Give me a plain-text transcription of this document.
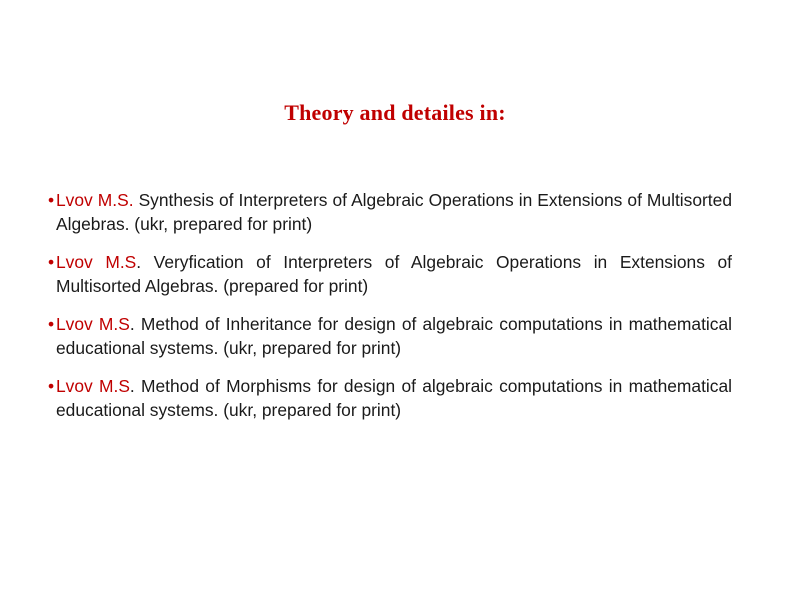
Theory and detailes in:
• Lvov M.S. Synthesis of Interpreters of Algebraic Operations in Extensions of Multisorted Algebras. (ukr, prepared for print)
• Lvov M.S. Veryfication of Interpreters of Algebraic Operations in Extensions of Multisorted Algebras. (prepared for print)
• Lvov M.S. Method of Inheritance for design of algebraic computations in mathematical educational systems. (ukr, prepared for print)
• Lvov M.S. Method of Morphisms for design of algebraic computations in mathematical educational systems. (ukr, prepared for print)
